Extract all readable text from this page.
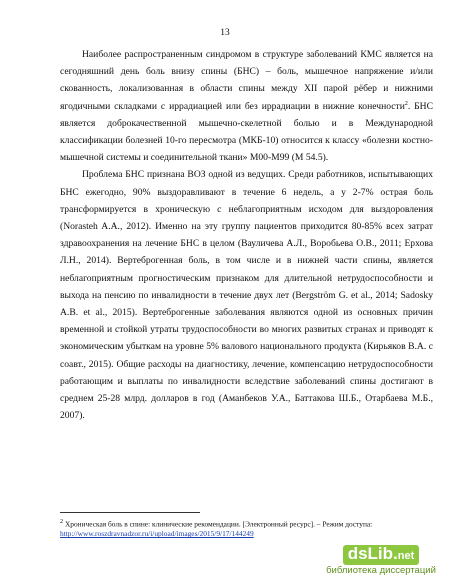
13

Наиболее распространенным синдромом в структуре заболеваний КМС является на сегодняшний день боль внизу спины (БНС) – боль, мышечное напряжение и/или скованность, локализованная в области спины между XII парой рёбер и нижними ягодичными складками с иррадиацией или без иррадиации в нижние конечности$^2$. БНС является доброкачественной мышечно-скелетной болью и в Международной классификации болезней 10-го пересмотра (МКБ-10) относится к классу «болезни костно-мышечной системы и соединительной ткани» М00-М99 (М 54.5).

Проблема БНС признана ВОЗ одной из ведущих. Среди работников, испытывающих БНС ежегодно, 90% выздоравливают в течение 6 недель, а у 2-7% острая боль трансформируется в хроническую с неблагоприятным исходом для выздоровления (Norasteh A.A., 2012). Именно на эту группу пациентов приходится 80-85% всех затрат здравоохранения на лечение БНС в целом (Вауличева А.Л., Воробьева О.В., 2011; Ерхова Л.Н., 2014). Вертеброгенная боль, в том числе и в нижней части спины, является неблагоприятным прогностическим признаком для длительной нетрудоспособности и выхода на пенсию по инвалидности в течение двух лет (Bergström G. et al., 2014; Sadosky A.B. et al., 2015). Вертеброгенные заболевания являются одной из основных причин временной и стойкой утраты трудоспособности во многих развитых странах и приводят к экономическим убыткам на уровне 5% валового национального продукта (Кирьяков В.А. с соавт., 2015). Общие расходы на диагностику, лечение, компенсацию нетрудоспособности работающим и выплаты по инвалидности вследствие заболеваний спины достигают в среднем 25-28 млрд. долларов в год (Аманбеков У.А., Баттакова Ш.Б., Отарбаева М.Б., 2007).

$^2$ Хроническая боль в спине: клинические рекомендации. [Электронный ресурс]. – Режим доступа:
http://www.roszdravnadzor.ru/i/upload/images/2015/9/17/144249
dsLib.net
библиотека диссертаций
